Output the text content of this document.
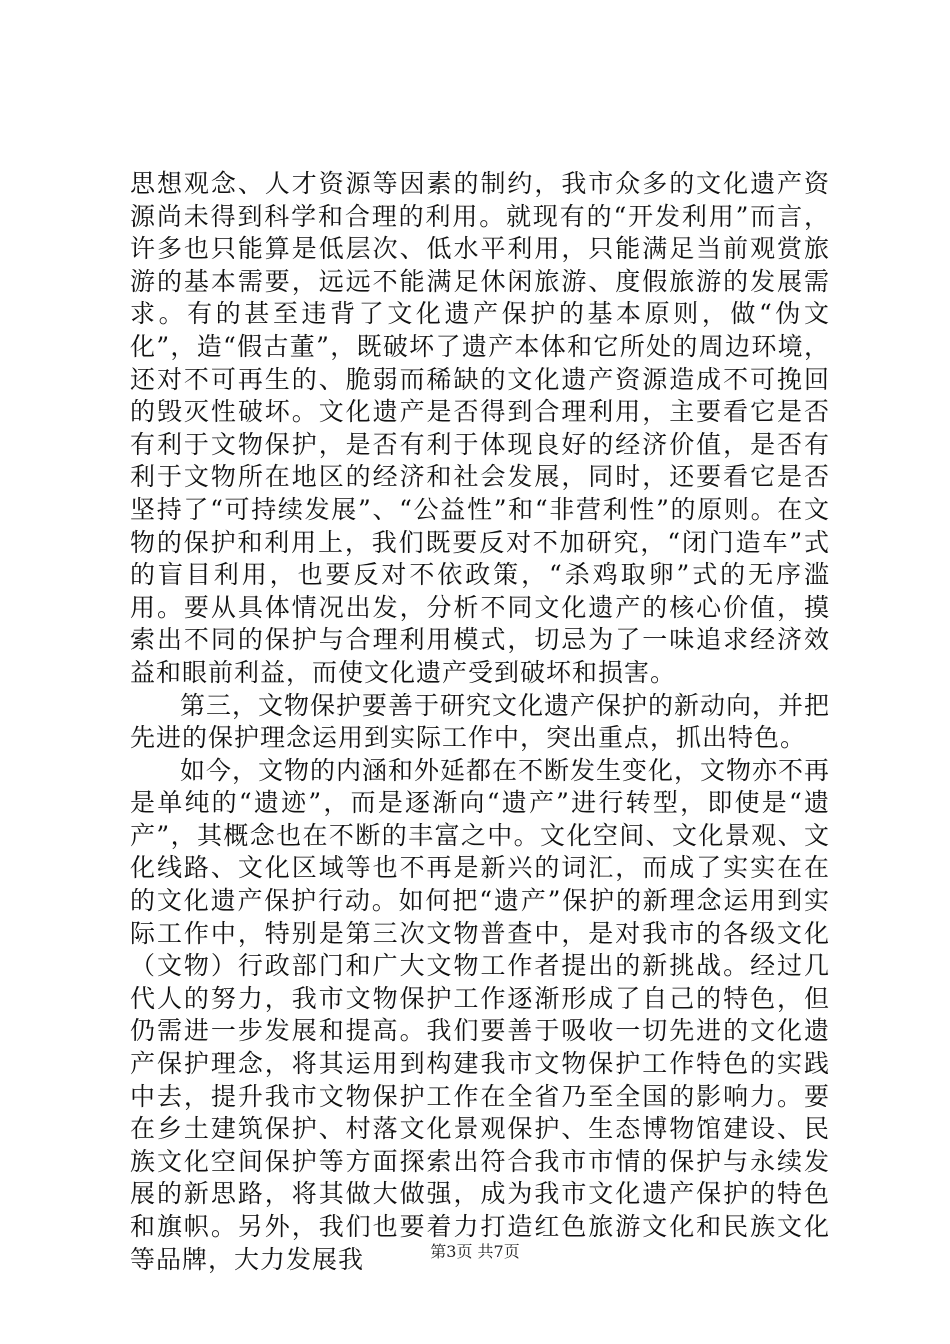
思想观念、人才资源等因素的制约，我市众多的文化遗产资源尚未得到科学和合理的利用。就现有的“开发利用”而言，许多也只能算是低层次、低水平利用，只能满足当前观赏旅游的基本需要，远远不能满足休闲旅游、度假旅游的发展需求。有的甚至违背了文化遗产保护的基本原则，做“伪文化”，造“假古董”，既破坏了遗产本体和它所处的周边环境，还对不可再生的、脆弱而稀缺的文化遗产资源造成不可挽回的毁灭性破坏。文化遗产是否得到合理利用，主要看它是否有利于文物保护，是否有利于体现良好的经济价值，是否有利于文物所在地区的经济和社会发展，同时，还要看它是否坚持了“可持续发展”、“公益性”和“非营利性”的原则。在文物的保护和利用上，我们既要反对不加研究，“闭门造车”式的盲目利用，也要反对不依政策，“杀鸡取卵”式的无序滥用。要从具体情况出发，分析不同文化遗产的核心价值，摸索出不同的保护与合理利用模式，切忌为了一味追求经济效益和眼前利益，而使文化遗产受到破坏和损害。

第三，文物保护要善于研究文化遗产保护的新动向，并把先进的保护理念运用到实际工作中，突出重点，抓出特色。

如今，文物的内涵和外延都在不断发生变化，文物亦不再是单纯的“遗迹”，而是逐渐向“遗产”进行转型，即使是“遗产”，其概念也在不断的丰富之中。文化空间、文化景观、文化线路、文化区域等也不再是新兴的词汇，而成了实实在在的文化遗产保护行动。如何把“遗产”保护的新理念运用到实际工作中，特别是第三次文物普查中，是对我市的各级文化（文物）行政部门和广大文物工作者提出的新挑战。经过几代人的努力，我市文物保护工作逐渐形成了自己的特色，但仍需进一步发展和提高。我们要善于吸收一切先进的文化遗产保护理念，将其运用到构建我市文物保护工作特色的实践中去，提升我市文物保护工作在全省乃至全国的影响力。要在乡土建筑保护、村落文化景观保护、生态博物馆建设、民族文化空间保护等方面探索出符合我市市情的保护与永续发展的新思路，将其做大做强，成为我市文化遗产保护的特色和旗帜。另外，我们也要着力打造红色旅游文化和民族文化等品牌，大力发展我	第3页 共7页
